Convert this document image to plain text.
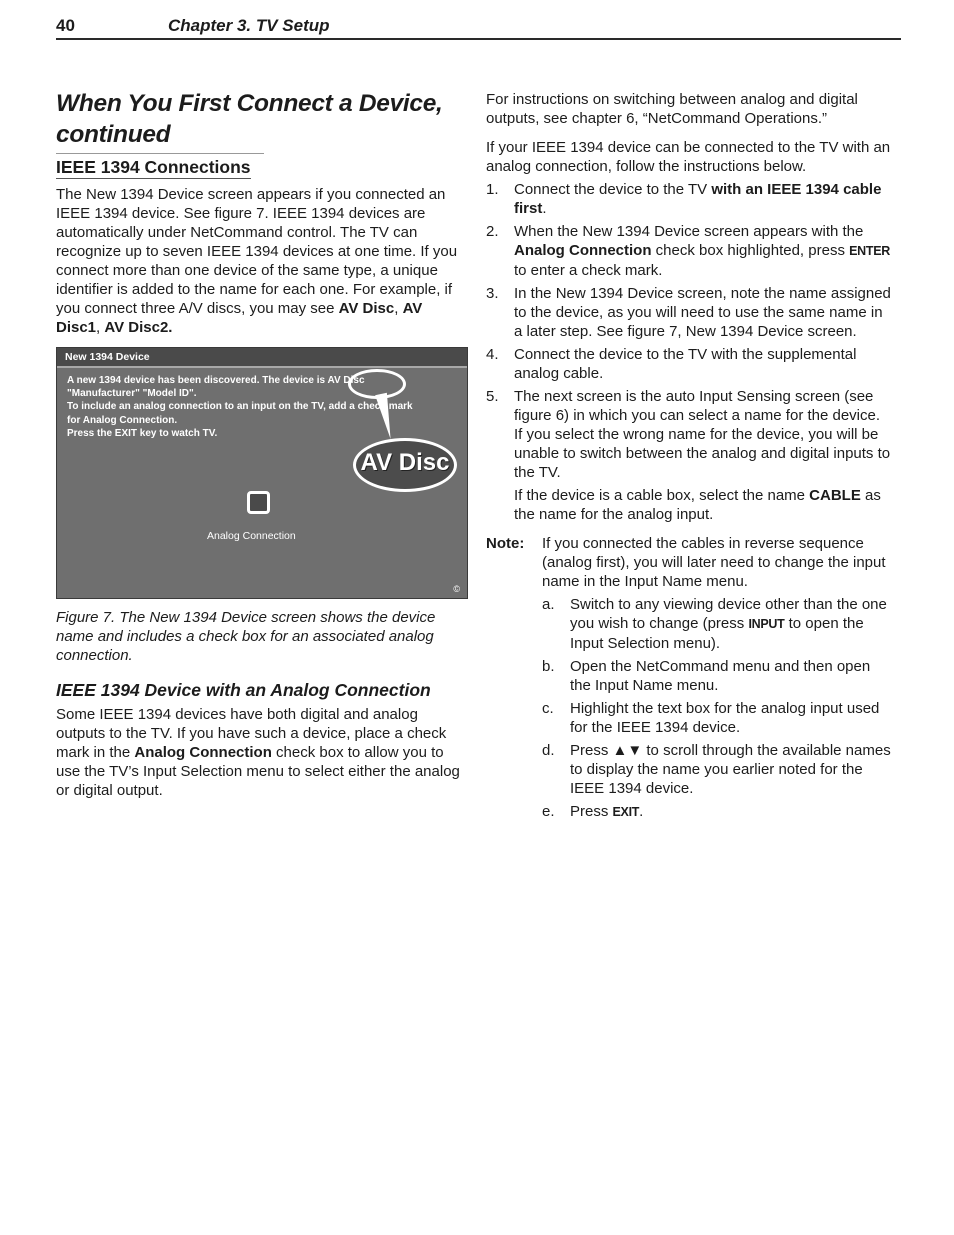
40	Chapter 3. TV Setup
When You First Connect a Device, continued
IEEE 1394 Connections

The New 1394 Device screen appears if you connected an IEEE 1394 device. See figure 7. IEEE 1394 devices are automatically under NetCommand control. The TV can recognize up to seven IEEE 1394 devices at one time. If you connect more than one device of the same type, a unique identifier is added to the name for each one. For example, if you connect three A/V discs, you may see AV Disc, AV Disc1, AV Disc2.

New 1394 Device
A new 1394 device has been discovered. The device is AV Disc
"Manufacturer" "Model ID".
To include an analog connection to an input on the TV, add a check mark
for Analog Connection.
Press the EXIT key to watch TV.
AV Disc
Analog Connection
©
Figure 7. The New 1394 Device screen shows the device name and includes a check box for an associated analog connection.
IEEE 1394 Device with an Analog Connection

Some IEEE 1394 devices have both digital and analog outputs to the TV. If you have such a device, place a check mark in the Analog Connection check box to allow you to use the TV’s Input Selection menu to select either the analog or digital output.

For instructions on switching between analog and digital outputs, see chapter 6, “NetCommand Operations.”

If your IEEE 1394 device can be connected to the TV with an analog connection, follow the instructions below.

1. Connect the device to the TV with an IEEE 1394 cable first.
2. When the New 1394 Device screen appears with the Analog Connection check box highlighted, press ENTER to enter a check mark.
3. In the New 1394 Device screen, note the name assigned to the device, as you will need to use the same name in a later step. See figure 7, New 1394 Device screen.
4. Connect the device to the TV with the supplemental analog cable.
5. The next screen is the auto Input Sensing screen (see figure 6) in which you can select a name for the device. If you select the wrong name for the device, you will be unable to switch between the analog and digital inputs to the TV.
If the device is a cable box, select the name CABLE as the name for the analog input.
Note:	If you connected the cables in reverse sequence (analog first), you will later need to change the input name in the Input Name menu.
a. Switch to any viewing device other than the one you wish to change (press INPUT to open the Input Selection menu).
b. Open the NetCommand menu and then open the Input Name menu.
c. Highlight the text box for the analog input used for the IEEE 1394 device.
d. Press ▲▼ to scroll through the available names to display the name you earlier noted for the IEEE 1394 device.
e. Press EXIT.
